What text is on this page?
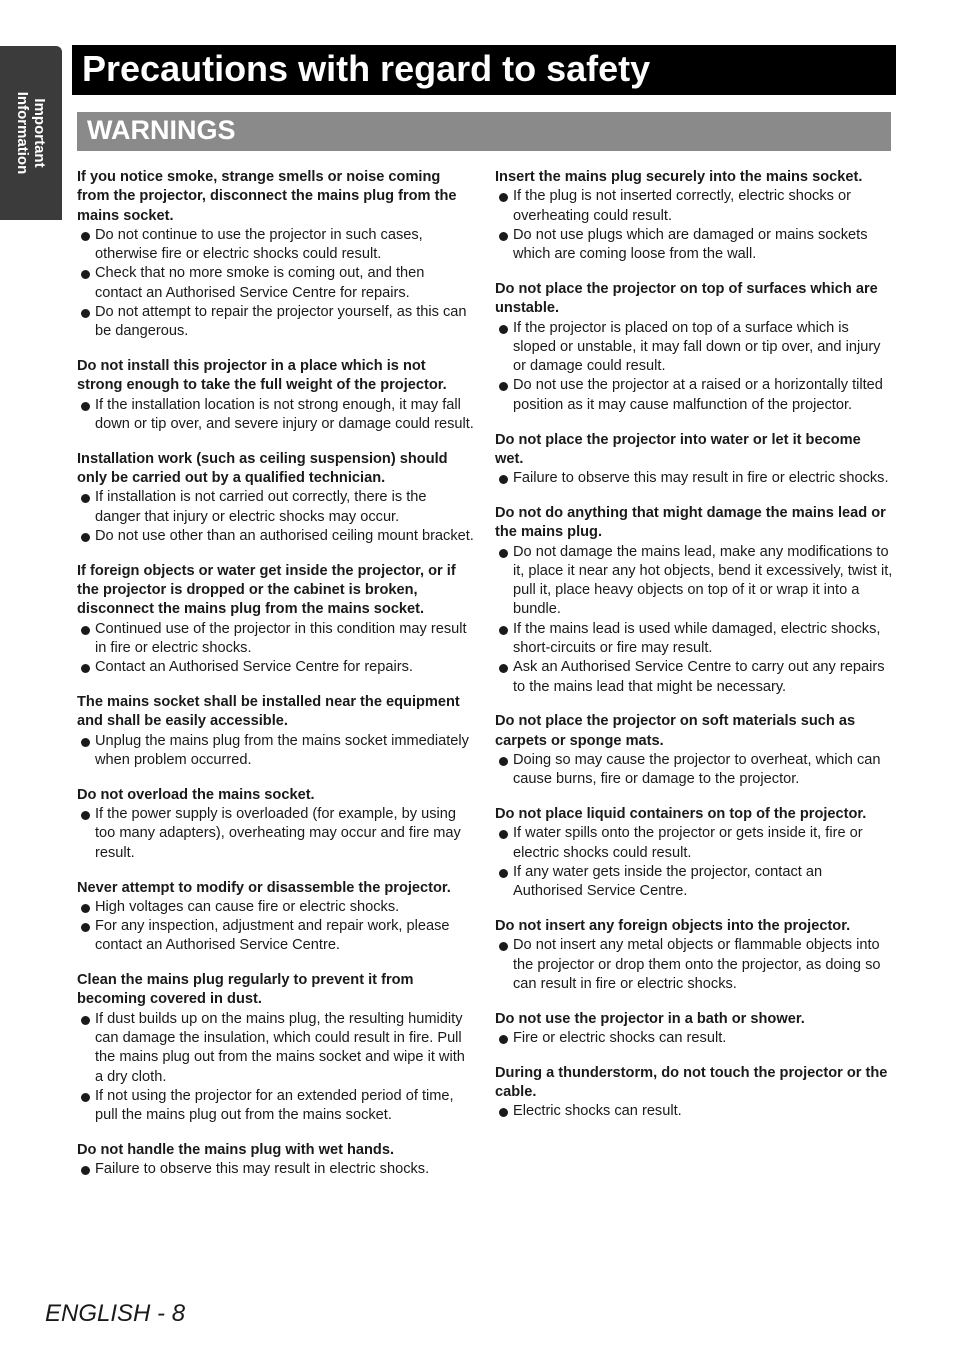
Important
Information
Precautions with regard to safety
WARNINGS
If you notice smoke, strange smells or noise coming from the projector, disconnect the mains plug from the mains socket.
Do not continue to use the projector in such cases, otherwise fire or electric shocks could result.
Check that no more smoke is coming out, and then contact an Authorised Service Centre for repairs.
Do not attempt to repair the projector yourself, as this can be dangerous.
Do not install this projector in a place which is not strong enough to take the full weight of the projector.
If the installation location is not strong enough, it may fall down or tip over, and severe injury or damage could result.
Installation work (such as ceiling suspension) should only be carried out by a qualified technician.
If installation is not carried out correctly, there is the danger that injury or electric shocks may occur.
Do not use other than an authorised ceiling mount bracket.
If foreign objects or water get inside the projector, or if the projector is dropped or the cabinet is broken, disconnect the mains plug from the mains socket.
Continued use of the projector in this condition may result in fire or electric shocks.
Contact an Authorised Service Centre for repairs.
The mains socket shall be installed near the equipment and shall be easily accessible.
Unplug the mains plug from the mains socket immediately when problem occurred.
Do not overload the mains socket.
If the power supply is overloaded (for example, by using too many adapters), overheating may occur and fire may result.
Never attempt to modify or disassemble the projector.
High voltages can cause fire or electric shocks.
For any inspection, adjustment and repair work, please contact an Authorised Service Centre.
Clean the mains plug regularly to prevent it from becoming covered in dust.
If dust builds up on the mains plug, the resulting humidity can damage the insulation, which could result in fire. Pull the mains plug out from the mains socket and wipe it with a dry cloth.
If not using the projector for an extended period of time, pull the mains plug out from the mains socket.
Do not handle the mains plug with wet hands.
Failure to observe this may result in electric shocks.
Insert the mains plug securely into the mains socket.
If the plug is not inserted correctly, electric shocks or overheating could result.
Do not use plugs which are damaged or mains sockets which are coming loose from the wall.
Do not place the projector on top of surfaces which are unstable.
If the projector is placed on top of a surface which is sloped or unstable, it may fall down or tip over, and injury or damage could result.
Do not use the projector at a raised or a horizontally tilted position as it may cause malfunction of the projector.
Do not place the projector into water or let it become wet.
Failure to observe this may result in fire or electric shocks.
Do not do anything that might damage the mains lead or the mains plug.
Do not damage the mains lead, make any modifications to it, place it near any hot objects, bend it excessively, twist it, pull it, place heavy objects on top of it or wrap it into a bundle.
If the mains lead is used while damaged, electric shocks, short-circuits or fire may result.
Ask an Authorised Service Centre to carry out any repairs to the mains lead that might be necessary.
Do not place the projector on soft materials such as carpets or sponge mats.
Doing so may cause the projector to overheat, which can cause burns, fire or damage to the projector.
Do not place liquid containers on top of the projector.
If water spills onto the projector or gets inside it, fire or electric shocks could result.
If any water gets inside the projector, contact an Authorised Service Centre.
Do not insert any foreign objects into the projector.
Do not insert any metal objects or flammable objects into the projector or drop them onto the projector, as doing so can result in fire or electric shocks.
Do not use the projector in a bath or shower.
Fire or electric shocks can result.
During a thunderstorm, do not touch the projector or the cable.
Electric shocks can result.
ENGLISH - 8
